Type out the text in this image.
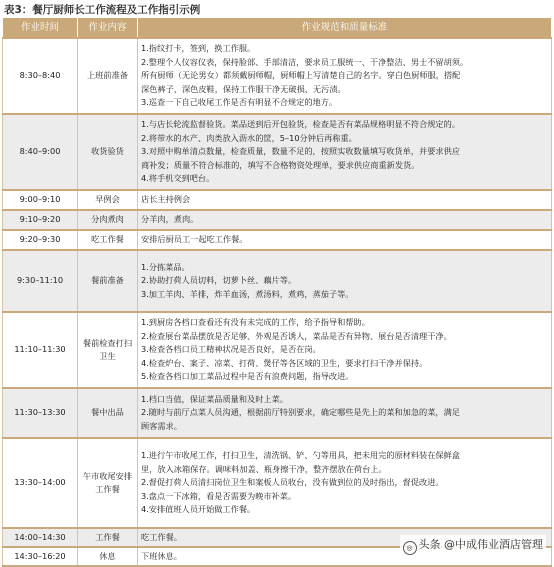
表3：餐厅厨师长工作流程及工作指引示例
作业时间	作业内容	作业规范和质量标准
8:30–8:40	上班前准备	1.指纹打卡，签到，换工作服。
2.整理个人仪容仪表，保持脸部、手部清洁，要求员工服统一、干净整洁、男士不留胡须。
所有厨师（无论男女）都须戴厨师帽，厨师帽上写清楚自己的名字。穿白色厨师服，搭配
深色裤子、深色皮鞋，保持工作服干净无破损、无污渍。
3.巡查一下自己收尾工作是否有明显不合规定的地方。

8:40–9:00	收货验货	1.与店长轮流监督验货。菜品送到后开包验货，检查是否有菜品规格明显不符合规定的。
2.将带水的水产、肉类放入沥水的筐，5–10分钟后再称重。
3.对照中购单清点数量，检查质量，数量不足的，按照实收数量填写收货单，并要求供应
商补发；质量不符合标准的，填写不合格物资处理单，要求供应商重新发货。
4.将手机交到吧台。

9:00–9:10	早例会	店长主持例会

9:10–9:20	分肉煮肉	分羊肉，煮肉。

9:20–9:30	吃工作餐	安排后厨员工一起吃工作餐。

9:30–11:10	餐前准备	1.分拣菜品。
2.协助打荷人员切料，切萝卜丝、藕片等。
3.加工羊肉、羊排，炸羊血汤，煮汤料，煮鸡，蒸茄子等。

11:10–11:30	餐前检查打扫卫生	1.到厨房各档口查看还有没有未完成的工作，给予指导和帮助。
2.检查展台菜品摆放是否足够、外观是否诱人，菜品是否有异物、展台是否清理干净。
3.检查各档口员工精神状况是否良好，是否在岗。
4.检查炉台、案子、凉菜、打荷、煲仔等各区域的卫生，要求打扫干净并保持。
5.检查各档口加工菜品过程中是否有浪费问题，指导改进。

11:30–13:30	餐中出品	1.档口当值，保证菜品质量和及时上菜。
2.随时与前厅点菜人员沟通，根据前厅特别要求，确定哪些是先上的菜和加急的菜，满足
顾客需求。

13:30–14:00	午市收尾安排工作餐	1.进行午市收尾工作，打扫卫生，清洗锅、铲、勺等用具，把未用完的原材料装在保鲜盒
里，放入冰箱保存。调味料加盖、瓶身擦干净，整齐摆放在荷台上。
2.督促打荷人员清扫岗位卫生和案板人员收台，没有做到位的及时指出，督促改进。
3.盘点一下冰箱，看是否需要为晚市补菜。
4.安排值班人员开始做工作餐。

14:00–14:30	工作餐	吃工作餐。

14:30–16:20	休息	下班休息。
◎ 头条 @中成伟业酒店管理
